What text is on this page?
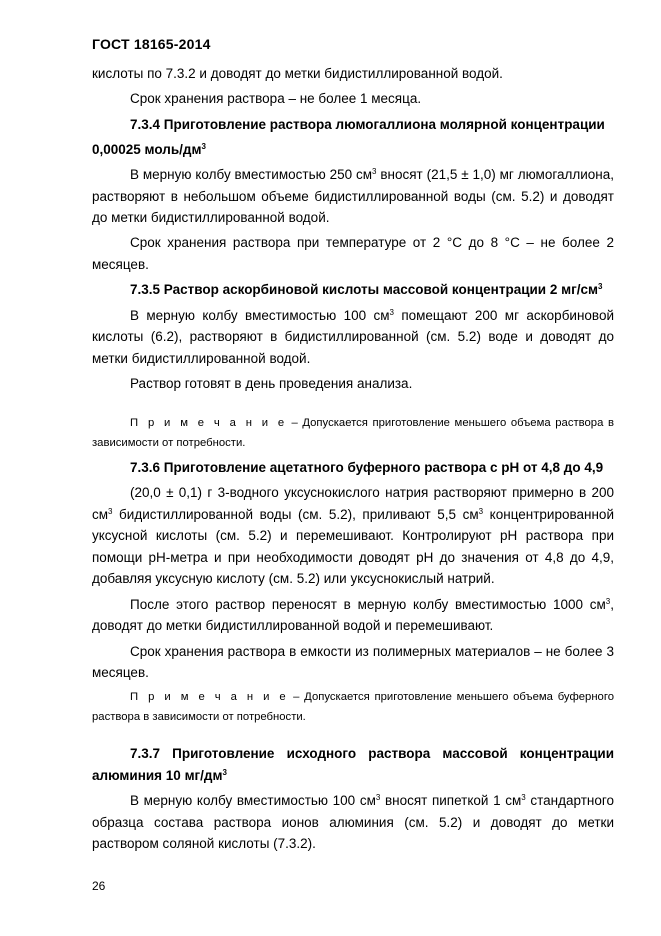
ГОСТ 18165-2014

кислоты по 7.3.2 и доводят до метки бидистиллированной водой.

Срок хранения раствора – не более 1 месяца.

7.3.4 Приготовление раствора люмогаллиона молярной концентрации

0,00025 моль/$дм^3$

В мерную колбу вместимостью 250 $см^3$ вносят (21,5 ± 1,0) мг люмогаллиона, растворяют в небольшом объеме бидистиллированной воды (см. 5.2) и доводят до метки бидистиллированной водой.

Срок хранения раствора при температуре от 2 °С до 8 °С – не более 2 месяцев.

7.3.5 Раствор аскорбиновой кислоты массовой концентрации 2 $мг/см^3$

В мерную колбу вместимостью 100 $см^3$ помещают 200 мг аскорбиновой кислоты (6.2), растворяют в бидистиллированной (см. 5.2) воде и доводят до метки бидистиллированной водой.

Раствор готовят в день проведения анализа.

П р и м е ч а н и е – Допускается приготовление меньшего объема раствора в зависимости от потребности.

7.3.6 Приготовление ацетатного буферного раствора с рН от 4,8 до 4,9

(20,0 ± 0,1) г 3-водного уксуснокислого натрия растворяют примерно в 200 $см^3$ бидистиллированной воды (см. 5.2), приливают 5,5 $см^3$ концентрированной уксусной кислоты (см. 5.2) и перемешивают. Контролируют рН раствора при помощи рН-метра и при необходимости доводят рН до значения от 4,8 до 4,9, добавляя уксусную кислоту (см. 5.2) или уксуснокислый натрий.

После этого раствор переносят в мерную колбу вместимостью 1000 $см^3$, доводят до метки бидистиллированной водой и перемешивают.

Срок хранения раствора в емкости из полимерных материалов – не более 3 месяцев.

П р и м е ч а н и е – Допускается приготовление меньшего объема буферного раствора в зависимости от потребности.

7.3.7 Приготовление исходного раствора массовой концентрации алюминия 10 $мг/дм^3$

В мерную колбу вместимостью 100 $см^3$ вносят пипеткой 1 $см^3$ стандартного образца состава раствора ионов алюминия (см. 5.2) и доводят до метки раствором соляной кислоты (7.3.2).

26
